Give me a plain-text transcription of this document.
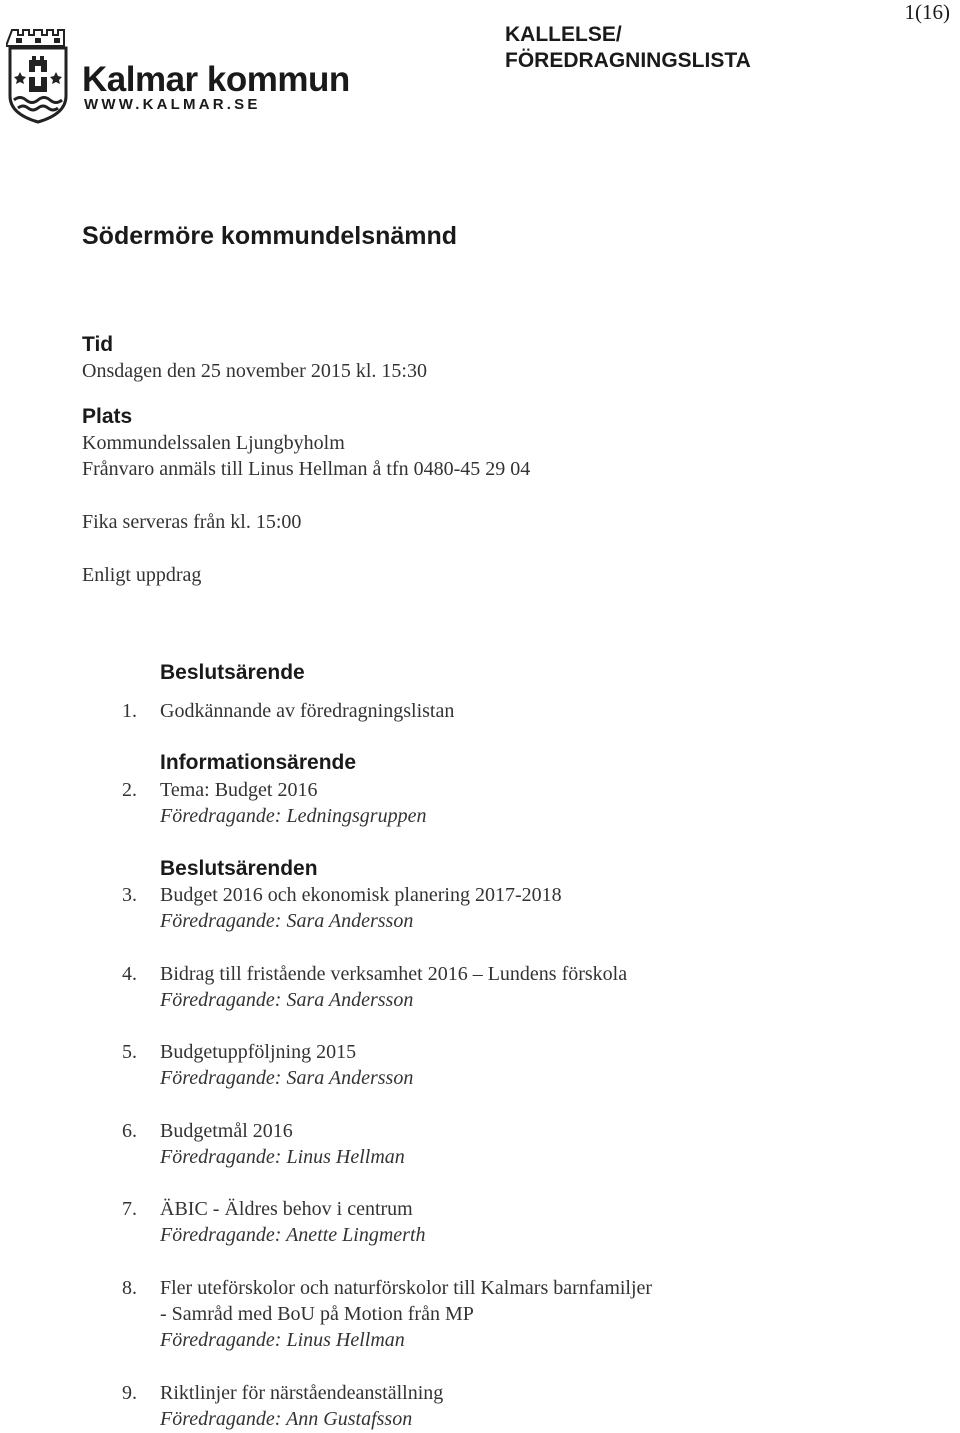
1(16)
Kalmar kommun
WWW.KALMAR.SE
KALLELSE/
FÖREDRAGNINGSLISTA
Södermöre kommundelsnämnd
Tid
Onsdagen den 25 november 2015 kl. 15:30
Plats
Kommundelssalen Ljungbyholm
Frånvaro anmäls till Linus Hellman å tfn 0480-45 29 04
Fika serveras från kl. 15:00
Enligt uppdrag
Beslutsärende
1.	Godkännande av föredragningslistan
Informationsärende
2.	Tema: Budget 2016
Föredragande: Ledningsgruppen
Beslutsärenden
3.	Budget 2016 och ekonomisk planering 2017-2018
Föredragande: Sara Andersson
4.	Bidrag till fristående verksamhet 2016 – Lundens förskola
Föredragande: Sara Andersson
5.	Budgetuppföljning 2015
Föredragande: Sara Andersson
6.	Budgetmål 2016
Föredragande: Linus Hellman
7.	ÄBIC - Äldres behov i centrum
Föredragande: Anette Lingmerth
8.	Fler uteförskolor och naturförskolor till Kalmars barnfamiljer
- Samråd med BoU på Motion från MP
Föredragande: Linus Hellman
9.	Riktlinjer för närståendeanställning
Föredragande: Ann Gustafsson
